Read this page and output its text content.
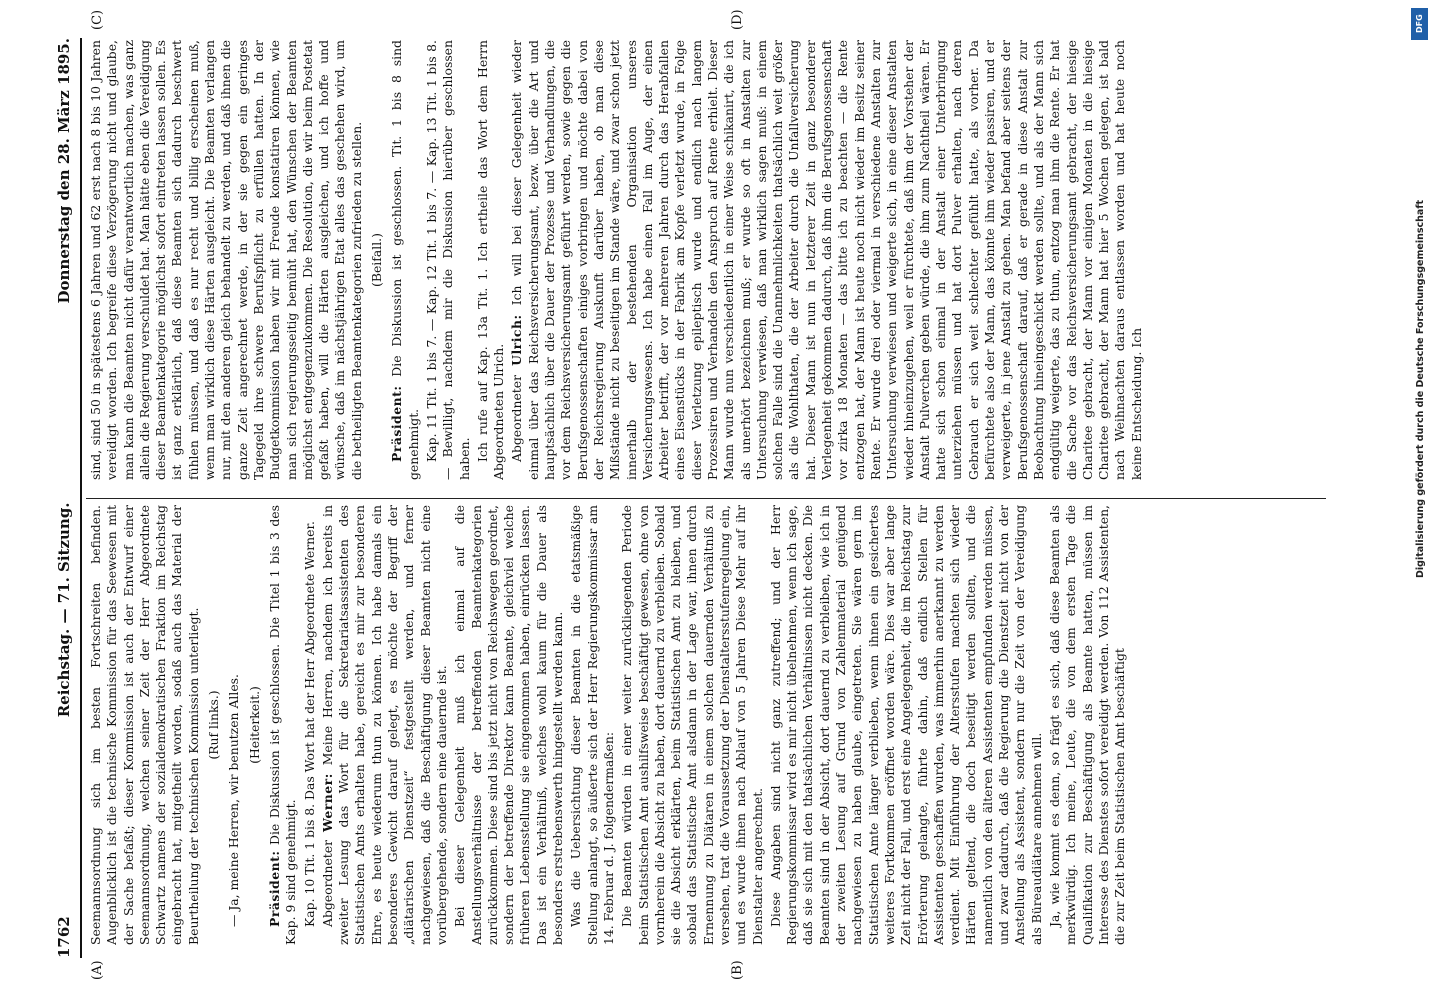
1762
Reichstag. — 71. Sitzung.
Donnerstag den 28. März 1895.
(A)	(B)
(C)	(D)

Seemannsordnung sich im besten Fortschreiten befinden. Augenblicklich ist die technische Kommission für das Seewesen mit der Sache befaßt; dieser Kommission ist auch der Entwurf einer Seemannsordnung, welchen seiner Zeit der Herr Abgeordnete Schwartz namens der sozialdemokratischen Fraktion im Reichstag eingebracht hat, mitgetheilt worden, sodaß auch das Material der Beurtheilung der technischen Kommission unterliegt. (Ruf links.) — Ja, meine Herren, wir benutzen Alles. (Heiterkeit.)

Präsident: Die Diskussion ist geschlossen. Die Titel 1 bis 3 des Kap. 9 sind genehmigt. Kap. 10 Tit. 1 bis 8. Das Wort hat der Herr Abgeordnete Werner. Abgeordneter Werner: Meine Herren, nachdem ich bereits in zweiter Lesung das Wort für die Sekretariatsassistenten des Statistischen Amts erhalten habe, gereicht es mir zur besonderen Ehre, es heute wiederum thun zu können. Ich habe damals ein besonderes Gewicht darauf gelegt, es möchte der Begriff der „diätarischen Dienstzeit“ festgestellt werden, und ferner nachgewiesen, daß die Beschäftigung dieser Beamten nicht eine vorübergehende, sondern eine dauernde ist. Bei dieser Gelegenheit muß ich einmal auf die Anstellungsverhältnisse der betreffenden Beamtenkategorien zurückkommen. Diese sind bis jetzt nicht von Reichswegen geordnet, sondern der betreffende Direktor kann Beamte, gleichviel welche früheren Lebensstellung sie eingenommen haben, einrücken lassen. Das ist ein Verhältniß, welches wohl kaum für die Dauer als besonders erstrebenswerth hingestellt werden kann. Was die Uebersichtung dieser Beamten in die etatsmäßige Stellung anlangt, so äußerte sich der Herr Regierungskommissar am 14. Februar d. J. folgendermaßen: Die Beamten würden in einer weiter zurückliegenden Periode beim Statistischen Amt aushilfsweise beschäftigt gewesen, ohne von vornherein die Absicht zu haben, dort dauernd zu verbleiben. Sobald sie die Absicht erklärten, beim Statistischen Amt zu bleiben, und sobald das Statistische Amt alsdann in der Lage war, ihnen durch Ernennung zu Diätaren in einem solchen dauernden Verhältniß zu versehen, trat die Voraussetzung der Dienstaltersstufenregelung ein, und es wurde ihnen nach Ablauf von 5 Jahren Diese Mehr auf ihr Dienstalter angerechnet. Diese Angaben sind nicht ganz zutreffend; und der Herr Regierungskommissar wird es mir nicht übelnehmen, wenn ich sage, daß sie sich mit den thatsächlichen Verhältnissen nicht decken. Die Beamten sind in der Absicht, dort dauernd zu verbleiben, wie ich in der zweiten Lesung auf Grund von Zahlenmaterial genügend nachgewiesen zu haben glaube, eingetreten. Sie wären gern im Statistischen Amte länger verblieben, wenn ihnen ein gesichertes weiteres Fortkommen eröffnet worden wäre. Dies war aber lange Zeit nicht der Fall, und erst eine Angelegenheit, die im Reichstag zur Erörterung gelangte, führte dahin, daß endlich Stellen für Assistenten geschaffen wurden, was immerhin anerkannt zu werden verdient. Mit Einführung der Altersstufen machten sich wieder Härten geltend, die doch beseitigt werden sollten, und die namentlich von den älteren Assistenten empfunden werden müssen, und zwar dadurch, daß die Regierung die Dienstzeit nicht von der Anstellung als Assistent, sondern nur die Zeit von der Vereidigung als Büreaudiätare annehmen will. Ja, wie kommt es denn, so frägt es sich, daß diese Beamten als merkwürdig. Ich meine, Leute, die von dem ersten Tage die Qualifikation zur Beschäftigung als Beamte hatten, müssen im Interesse des Dienstes sofort vereidigt werden. Von 112 Assistenten, die zur Zeit beim Statistischen Amt beschäftigt

sind, sind 50 in spätestens 6 Jahren und 62 erst nach 8 bis 10 Jahren vereidigt worden. Ich begreife diese Verzögerung nicht und glaube, man kann die Beamten nicht dafür verantwortlich machen, was ganz allein die Regierung verschuldet hat. Man hätte eben die Vereidigung dieser Beamtenkategorie möglichst sofort eintreten lassen sollen. Es ist ganz erklärlich, daß diese Beamten sich dadurch beschwert fühlen müssen, und daß es nur recht und billig erscheinen muß, wenn man wirklich diese Härten ausgleicht. Die Beamten verlangen nur, mit den anderen gleich behandelt zu werden, und daß ihnen die ganze Zeit angerechnet werde, in der sie gegen ein geringes Tagegeld ihre schwere Berufspflicht zu erfüllen hatten. In der Budgetkommission haben wir mit Freude konstatiren können, wie man sich regierungsseitig bemüht hat, den Wünschen der Beamten möglichst entgegenzukommen. Die Resolution, die wir beim Postetat gefaßt haben, will die Härten ausgleichen, und ich hoffe und wünsche, daß im nächstjährigen Etat alles das geschehen wird, um die betheiligten Beamtenkategorien zufrieden zu stellen. (Beifall.)

Präsident: Die Diskussion ist geschlossen. Tit. 1 bis 8 sind genehmigt. Kap. 11 Tit. 1 bis 7. — Kap. 12 Tit. 1 bis 7. — Kap. 13 Tit. 1 bis 8. — Bewilligt, nachdem mir die Diskussion hierüber geschlossen haben. Ich rufe auf Kap. 13a Tit. 1. Ich ertheile das Wort dem Herrn Abgeordneten Ulrich. Abgeordneter Ulrich: Ich will bei dieser Gelegenheit wieder einmal über das Reichsversicherungsamt, bezw. über die Art und hauptsächlich über die Dauer der Prozesse und Verhandlungen, die vor dem Reichsversicherungsamt geführt werden, sowie gegen die Berufsgenossenschaften einiges vorbringen und möchte dabei von der Reichsregierung Auskunft darüber haben, ob man diese Mißstände nicht zu beseitigen im Stande wäre, und zwar schon jetzt innerhalb der bestehenden Organisation unseres Versicherungswesens. Ich habe einen Fall im Auge, der einen Arbeiter betrifft, der vor mehreren Jahren durch das Herabfallen eines Eisenstücks in der Fabrik am Kopfe verletzt wurde, in Folge dieser Verletzung epileptisch wurde und endlich nach langem Prozessiren und Verhandeln den Anspruch auf Rente erhielt. Dieser Mann wurde nun verschiedentlich in einer Weise schikanirt, die ich als unerhört bezeichnen muß; er wurde so oft in Anstalten zur Untersuchung verwiesen, daß man wirklich sagen muß: in einem solchen Falle sind die Unannehmlichkeiten thatsächlich weit größer als die Wohlthaten, die der Arbeiter durch die Unfallversicherung hat. Dieser Mann ist nun in letzterer Zeit in ganz besonderer Verlegenheit gekommen dadurch, daß ihm die Berufsgenossenschaft vor zirka 18 Monaten — das bitte ich zu beachten — die Rente entzogen hat, der Mann ist heute noch nicht wieder im Besitz seiner Rente. Er wurde drei oder viermal in verschiedene Anstalten zur Untersuchung verwiesen und weigerte sich, in eine dieser Anstalten wieder hineinzugehen, weil er fürchtete, daß ihm der Vorsteher der Anstalt Pulverchen geben würde, die ihm zum Nachtheil wären. Er hatte sich schon einmal in der Anstalt einer Unterbringung unterziehen müssen und hat dort Pulver erhalten, nach deren Gebrauch er sich weit schlechter gefühlt hatte, als vorher. Da befürchtete also der Mann, das könnte ihm wieder passiren, und er verweigerte, in jene Anstalt zu gehen. Man befand aber seitens der Berufsgenossenschaft darauf, daß er gerade in diese Anstalt zur Beobachtung hineingeschickt werden sollte, und als der Mann sich endgültig weigerte, das zu thun, entzog man ihm die Rente. Er hat die Sache vor das Reichsversicherungsamt gebracht, der hiesige Charitee gebracht, der Mann vor einigen Monaten in die hiesige Charitee gebracht, der Mann hat hier 5 Wochen gelegen, ist bald nach Weihnachten daraus entlassen worden und hat heute noch keine Entscheidung. Ich

DFG
Digitalisierung gefördert durch die Deutsche Forschungsgemeinschaft
